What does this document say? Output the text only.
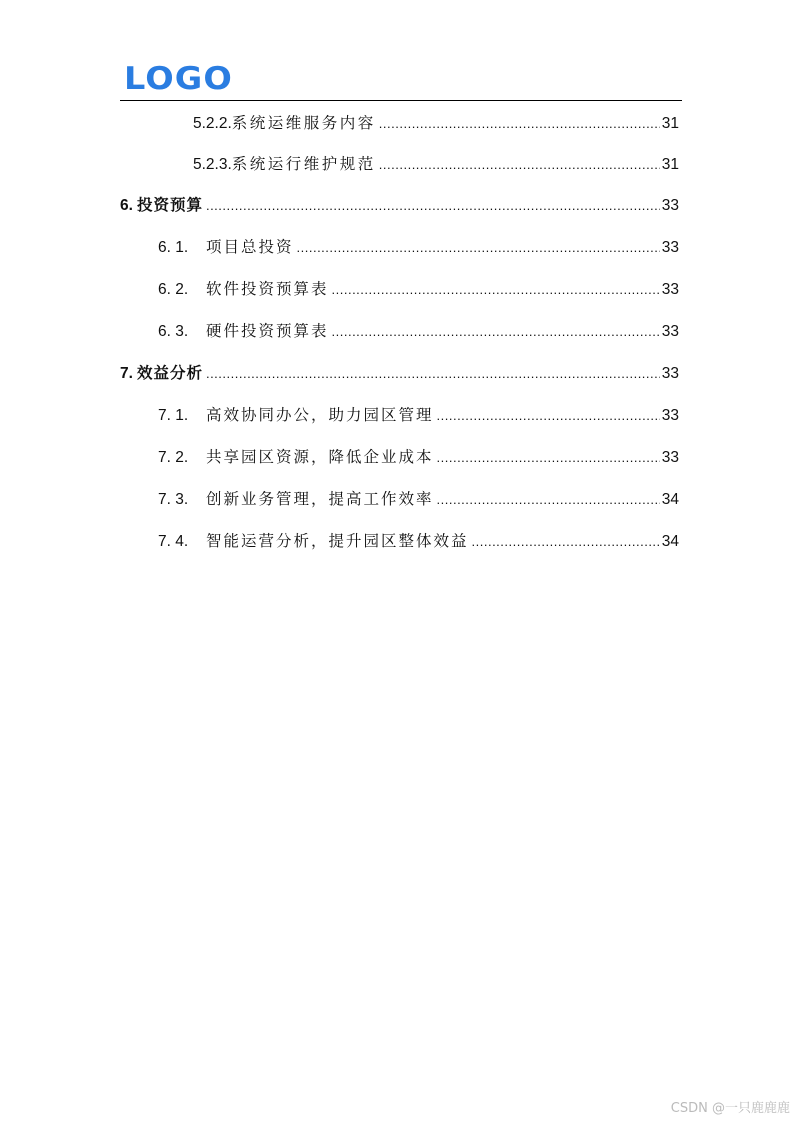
LOGO
5.2.2. 系统运维服务内容 .....	31
5.2.3. 系统运行维护规范 .....	31
6. 投资预算 .....	33
6. 1.	项目总投资 .....	33
6. 2.	软件投资预算表 .....	33
6. 3.	硬件投资预算表 .....	33
7. 效益分析 .....	33
7. 1.	高效协同办公，助力园区管理 .....	33
7. 2.	共享园区资源，降低企业成本 .....	33
7. 3.	创新业务管理，提高工作效率 .....	34
7. 4.	智能运营分析，提升园区整体效益 .....	34
CSDN @一只鹿鹿鹿
